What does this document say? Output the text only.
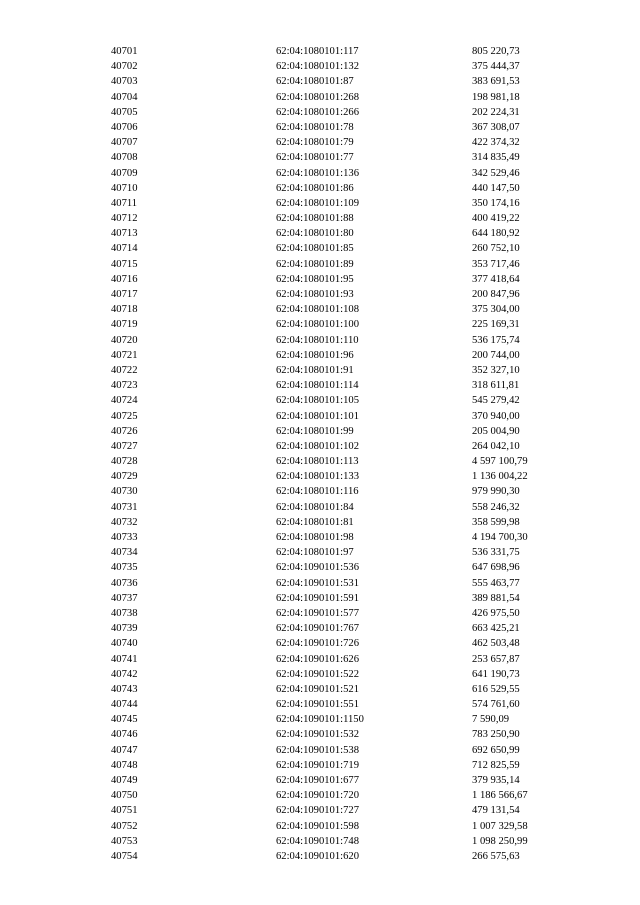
40701	62:04:1080101:117	805 220,73
40702	62:04:1080101:132	375 444,37
40703	62:04:1080101:87	383 691,53
40704	62:04:1080101:268	198 981,18
40705	62:04:1080101:266	202 224,31
40706	62:04:1080101:78	367 308,07
40707	62:04:1080101:79	422 374,32
40708	62:04:1080101:77	314 835,49
40709	62:04:1080101:136	342 529,46
40710	62:04:1080101:86	440 147,50
40711	62:04:1080101:109	350 174,16
40712	62:04:1080101:88	400 419,22
40713	62:04:1080101:80	644 180,92
40714	62:04:1080101:85	260 752,10
40715	62:04:1080101:89	353 717,46
40716	62:04:1080101:95	377 418,64
40717	62:04:1080101:93	200 847,96
40718	62:04:1080101:108	375 304,00
40719	62:04:1080101:100	225 169,31
40720	62:04:1080101:110	536 175,74
40721	62:04:1080101:96	200 744,00
40722	62:04:1080101:91	352 327,10
40723	62:04:1080101:114	318 611,81
40724	62:04:1080101:105	545 279,42
40725	62:04:1080101:101	370 940,00
40726	62:04:1080101:99	205 004,90
40727	62:04:1080101:102	264 042,10
40728	62:04:1080101:113	4 597 100,79
40729	62:04:1080101:133	1 136 004,22
40730	62:04:1080101:116	979 990,30
40731	62:04:1080101:84	558 246,32
40732	62:04:1080101:81	358 599,98
40733	62:04:1080101:98	4 194 700,30
40734	62:04:1080101:97	536 331,75
40735	62:04:1090101:536	647 698,96
40736	62:04:1090101:531	555 463,77
40737	62:04:1090101:591	389 881,54
40738	62:04:1090101:577	426 975,50
40739	62:04:1090101:767	663 425,21
40740	62:04:1090101:726	462 503,48
40741	62:04:1090101:626	253 657,87
40742	62:04:1090101:522	641 190,73
40743	62:04:1090101:521	616 529,55
40744	62:04:1090101:551	574 761,60
40745	62:04:1090101:1150	7 590,09
40746	62:04:1090101:532	783 250,90
40747	62:04:1090101:538	692 650,99
40748	62:04:1090101:719	712 825,59
40749	62:04:1090101:677	379 935,14
40750	62:04:1090101:720	1 186 566,67
40751	62:04:1090101:727	479 131,54
40752	62:04:1090101:598	1 007 329,58
40753	62:04:1090101:748	1 098 250,99
40754	62:04:1090101:620	266 575,63
